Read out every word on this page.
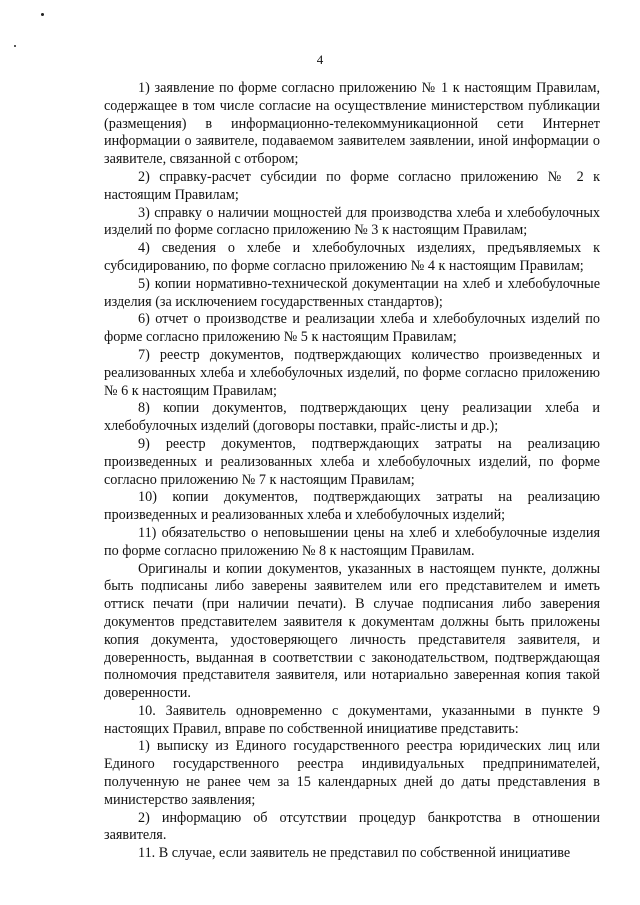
4

1) заявление по форме согласно приложению № 1 к настоящим Правилам, содержащее в том числе согласие на осуществление министерством публикации (размещения) в информационно-телекоммуникационной сети Интернет информации о заявителе, подаваемом заявителем заявлении, иной информации о заявителе, связанной с отбором;

2) справку-расчет субсидии по форме согласно приложению № 2 к настоящим Правилам;

3) справку о наличии мощностей для производства хлеба и хлебобулочных изделий по форме согласно приложению № 3 к настоящим Правилам;

4) сведения о хлебе и хлебобулочных изделиях, предъявляемых к субсидированию, по форме согласно приложению № 4 к настоящим Правилам;

5) копии нормативно-технической документации на хлеб и хлебобулочные изделия (за исключением государственных стандартов);

6) отчет о производстве и реализации хлеба и хлебобулочных изделий по форме согласно приложению № 5 к настоящим Правилам;

7) реестр документов, подтверждающих количество произведенных и реализованных хлеба и хлебобулочных изделий, по форме согласно приложению № 6 к настоящим Правилам;

8) копии документов, подтверждающих цену реализации хлеба и хлебобулочных изделий (договоры поставки, прайс-листы и др.);

9) реестр документов, подтверждающих затраты на реализацию произведенных и реализованных хлеба и хлебобулочных изделий, по форме согласно приложению № 7 к настоящим Правилам;

10) копии документов, подтверждающих затраты на реализацию произведенных и реализованных хлеба и хлебобулочных изделий;

11) обязательство о неповышении цены на хлеб и хлебобулочные изделия по форме согласно приложению № 8 к настоящим Правилам.

Оригиналы и копии документов, указанных в настоящем пункте, должны быть подписаны либо заверены заявителем или его представителем и иметь оттиск печати (при наличии печати). В случае подписания либо заверения документов представителем заявителя к документам должны быть приложены копия документа, удостоверяющего личность представителя заявителя, и доверенность, выданная в соответствии с законодательством, подтверждающая полномочия представителя заявителя, или нотариально заверенная копия такой доверенности.

10. Заявитель одновременно с документами, указанными в пункте 9 настоящих Правил, вправе по собственной инициативе представить:

1) выписку из Единого государственного реестра юридических лиц или Единого государственного реестра индивидуальных предпринимателей, полученную не ранее чем за 15 календарных дней до даты представления в министерство заявления;

2) информацию об отсутствии процедур банкротства в отношении заявителя.

11. В случае, если заявитель не представил по собственной инициативе
